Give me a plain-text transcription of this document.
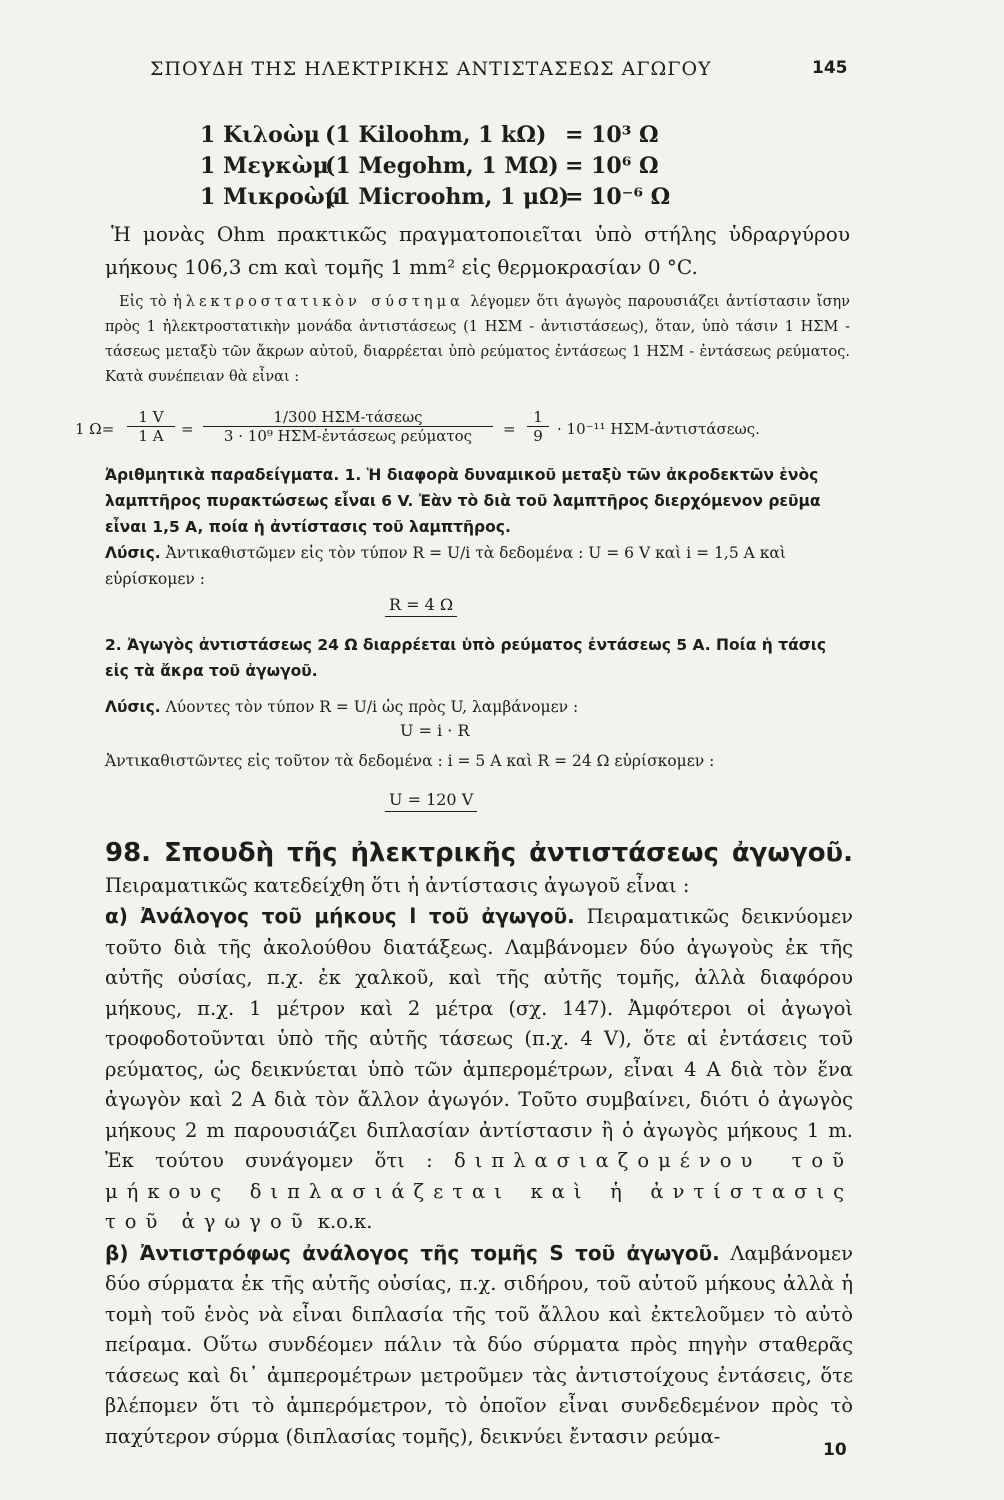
ΣΠΟΥΔΗ ΤΗΣ ΗΛΕΚΤΡΙΚΗΣ ΑΝΤΙΣΤΑΣΕΩΣ ΑΓΩΓΟΥ	145
1 Κιλοὼμ (1 Kiloohm, 1 kΩ) = 10³ Ω
1 Μεγκὼμ(1 Megohm, 1 MΩ) = 10⁶ Ω
1 Μικροὼμ(1 Microohm, 1 μΩ)= 10⁻⁶ Ω
Ἡ μονὰς Ohm πρακτικῶς πραγματοποιεῖται ὑπὸ στήλης ὑδραργύρου μήκους 106,3 cm καὶ τομῆς 1 mm² εἰς θερμοκρασίαν 0 °C.
Εἰς τὸ ἠλεκτροστατικὸν σύστημα λέγομεν ὅτι ἀγωγὸς παρουσιάζει ἀντίστασιν ἴσην πρὸς 1 ἠλεκτροστατικὴν μονάδα ἀντιστάσεως (1 ΗΣΜ - ἀντιστάσεως), ὅταν, ὑπὸ τάσιν 1 ΗΣΜ - τάσεως μεταξὺ τῶν ἄκρων αὐτοῦ, διαρρέεται ὑπὸ ρεύματος ἐντάσεως 1 ΗΣΜ - ἐντάσεως ρεύματος. Κατὰ συνέπειαν θὰ εἶναι :
1 $\Omega= \frac{1 V}{1 A}$ =
1/300 ΗΣΜ-τάσεως
3 · 10⁹ ΗΣΜ-ἐντάσεως ρεύματος	= $\frac{1}{9} \cdot 10^{-11}$ ΗΣΜ-ἀντιστάσεως.
Ἀριθμητικὰ παραδείγματα. 1. Ἡ διαφορὰ δυναμικοῦ μεταξὺ τῶν ἀκροδεκτῶν ἑνὸς λαμπτῆρος πυρακτώσεως εἶναι 6 V. Ἐὰν τὸ διὰ τοῦ λαμπτῆρος διερχόμενον ρεῦμα εἶναι 1,5 A, ποία ἡ ἀντίστασις τοῦ λαμπτῆρος.
Λύσις. Ἀντικαθιστῶμεν εἰς τὸν τύπον R = U/i τὰ δεδομένα : U = 6 V καὶ i = 1,5 A καὶ εὑρίσκομεν :
R = 4 Ω
2. Ἀγωγὸς ἀντιστάσεως 24 Ω διαρρέεται ὑπὸ ρεύματος ἐντάσεως 5 A. Ποία ἡ τάσις εἰς τὰ ἄκρα τοῦ ἀγωγοῦ.
Λύσις. Λύοντες τὸν τύπον R = U/i ὡς πρὸς U, λαμβάνομεν :
U = i · R
Ἀντικαθιστῶντες εἰς τοῦτον τὰ δεδομένα : i = 5 A καὶ R = 24 Ω εὑρίσκομεν :
U = 120 V
98. Σπουδὴ τῆς ἠλεκτρικῆς ἀντιστάσεως ἀγωγοῦ. Πειραματικῶς κατεδείχθη ὅτι ἡ ἀντίστασις ἀγωγοῦ εἶναι :
α) Ἀνάλογος τοῦ μήκους l τοῦ ἀγωγοῦ. Πειραματικῶς δεικνύομεν τοῦτο διὰ τῆς ἀκολούθου διατάξεως. Λαμβάνομεν δύο ἀγωγοὺς ἐκ τῆς αὐτῆς οὐσίας, π.χ. ἐκ χαλκοῦ, καὶ τῆς αὐτῆς τομῆς, ἀλλὰ διαφόρου μήκους, π.χ. 1 μέτρον καὶ 2 μέτρα (σχ. 147). Ἀμφότεροι οἱ ἀγωγοὶ τροφοδοτοῦνται ὑπὸ τῆς αὐτῆς τάσεως (π.χ. 4 V), ὅτε αἱ ἐντάσεις τοῦ ρεύματος, ὡς δεικνύεται ὑπὸ τῶν ἀμπερομέτρων, εἶναι 4 A διὰ τὸν ἕνα ἀγωγὸν καὶ 2 A διὰ τὸν ἄλλον ἀγωγόν. Τοῦτο συμβαίνει, διότι ὁ ἀγωγὸς μήκους 2 m παρουσιάζει διπλασίαν ἀντίστασιν ἢ ὁ ἀγωγὸς μήκους 1 m. Ἐκ τούτου συνάγομεν ὅτι : διπλασιαζομένου τοῦ μήκους διπλασιάζεται καὶ ἡ ἀντίστασις τοῦ ἀγωγοῦ κ.ο.κ.
β) Ἀντιστρόφως ἀνάλογος τῆς τομῆς S τοῦ ἀγωγοῦ. Λαμβάνομεν δύο σύρματα ἐκ τῆς αὐτῆς οὐσίας, π.χ. σιδήρου, τοῦ αὐτοῦ μήκους ἀλλὰ ἡ τομὴ τοῦ ἑνὸς νὰ εἶναι διπλασία τῆς τοῦ ἄλλου καὶ ἐκτελοῦμεν τὸ αὐτὸ πείραμα. Οὕτω συνδέομεν πάλιν τὰ δύο σύρματα πρὸς πηγὴν σταθερᾶς τάσεως καὶ δι᾽ ἀμπερομέτρων μετροῦμεν τὰς ἀντιστοίχους ἐντάσεις, ὅτε βλέπομεν ὅτι τὸ ἀμπερόμετρον, τὸ ὁποῖον εἶναι συνδεδεμένον πρὸς τὸ παχύτερον σύρμα (διπλασίας τομῆς), δεικνύει ἔντασιν ρεύμα-
10
